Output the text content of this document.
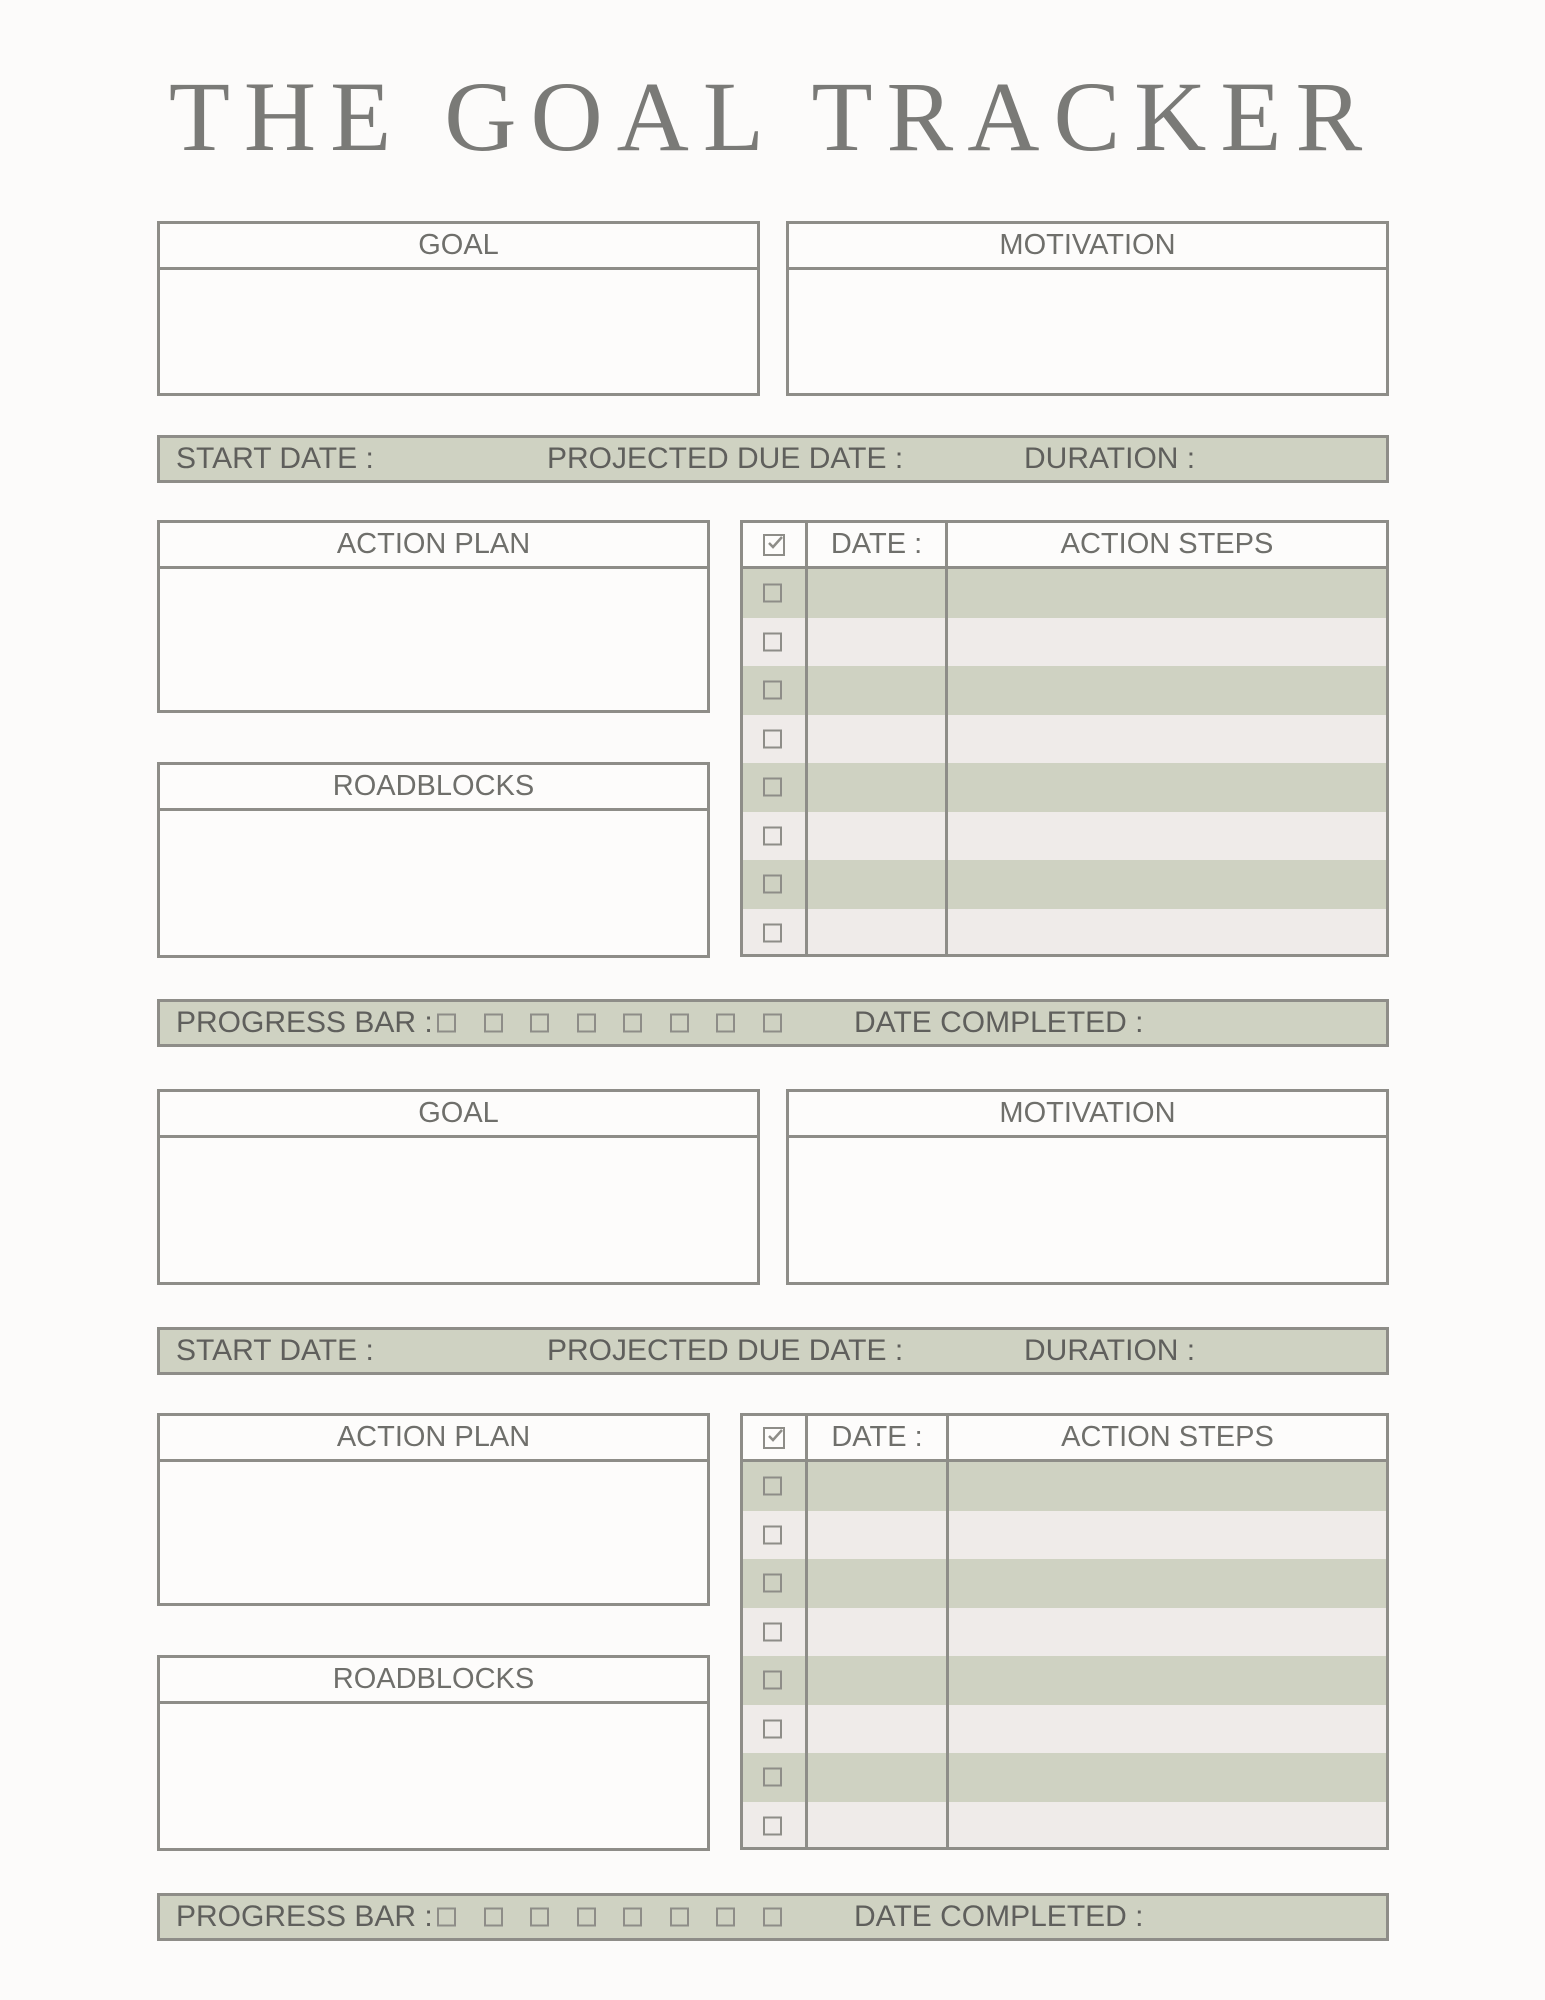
THE GOAL TRACKER
GOAL	MOTIVATION
START DATE :	PROJECTED DUE DATE :	DURATION :
ACTION PLAN
ROADBLOCKS
DATE :	ACTION STEPS
PROGRESS BAR :	DATE COMPLETED :
GOAL	MOTIVATION
START DATE :	PROJECTED DUE DATE :	DURATION :
ACTION PLAN
ROADBLOCKS
DATE :	ACTION STEPS
PROGRESS BAR :	DATE COMPLETED :
